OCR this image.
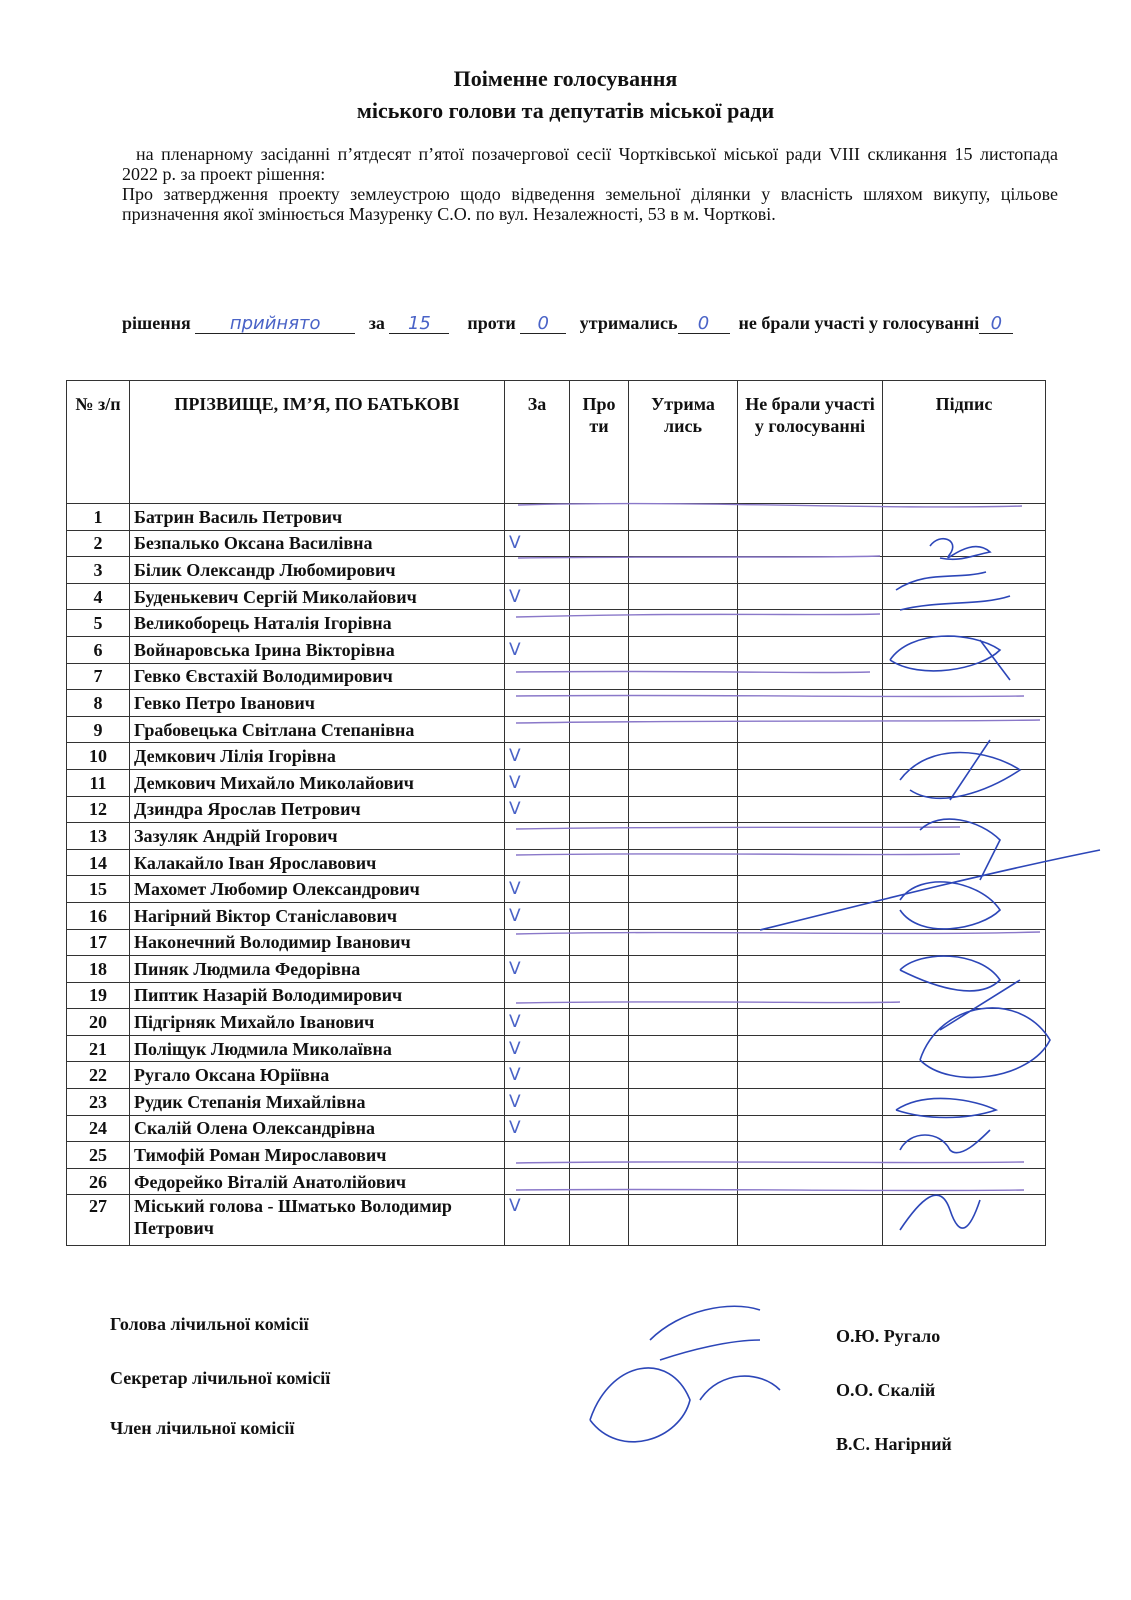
Поіменне голосування
міського голови та депутатів міської ради

на пленарному засіданні п’ятдесят п’ятої позачергової сесії Чортківської міської ради VIII скликання 15 листопада 2022 р. за проект рішення:

Про затвердження проекту землеустрою щодо відведення земельної ділянки у власність шляхом викупу, цільове призначення якої змінюється Мазуренку С.О. по вул. Незалежності, 53 в м. Чорткові.

рішення прийнято	за 15 проти 0 утримались 0 не брали участі у голосуванні 0
№ з/п	ПРІЗВИЩЕ, ІМ’Я, ПО БАТЬКОВІ	За	Про ти	Утрима лись	Не брали участі у голосуванні	Підпис
1	Батрин Василь Петрович					
2	Безпалько Оксана Василівна	V				
3	Білик Олександр Любомирович					
4	Буденькевич Сергій Миколайович	V				
5	Великоборець Наталія Ігорівна					
6	Войнаровська Ірина Вікторівна	V				
7	Гевко Євстахій Володимирович					
8	Гевко Петро Іванович					
9	Грабовецька Світлана Степанівна					
10	Демкович Лілія Ігорівна	V				
11	Демкович Михайло Миколайович	V				
12	Дзиндра Ярослав Петрович	V				
13	Зазуляк Андрій Ігорович					
14	Калакайло Іван Ярославович					
15	Махомет Любомир Олександрович	V				
16	Нагірний Віктор Станіславович	V				
17	Наконечний Володимир Іванович					
18	Пиняк Людмила Федорівна	V				
19	Пиптик Назарій Володимирович					
20	Підгірняк Михайло Іванович	V				
21	Поліщук Людмила Миколаївна	V				
22	Ругало Оксана Юріївна	V				
23	Рудик Степанія Михайлівна	V				
24	Скалій Олена Олександрівна	V				
25	Тимофій Роман Мирославович					
26	Федорейко Віталій Анатолійович					
27	Міський голова - Шматько Володимир Петрович	V				
Голова лічильної комісії
Секретар лічильної комісії
Член лічильної комісії
О.Ю. Ругало
О.О. Скалій
В.С. Нагірний
